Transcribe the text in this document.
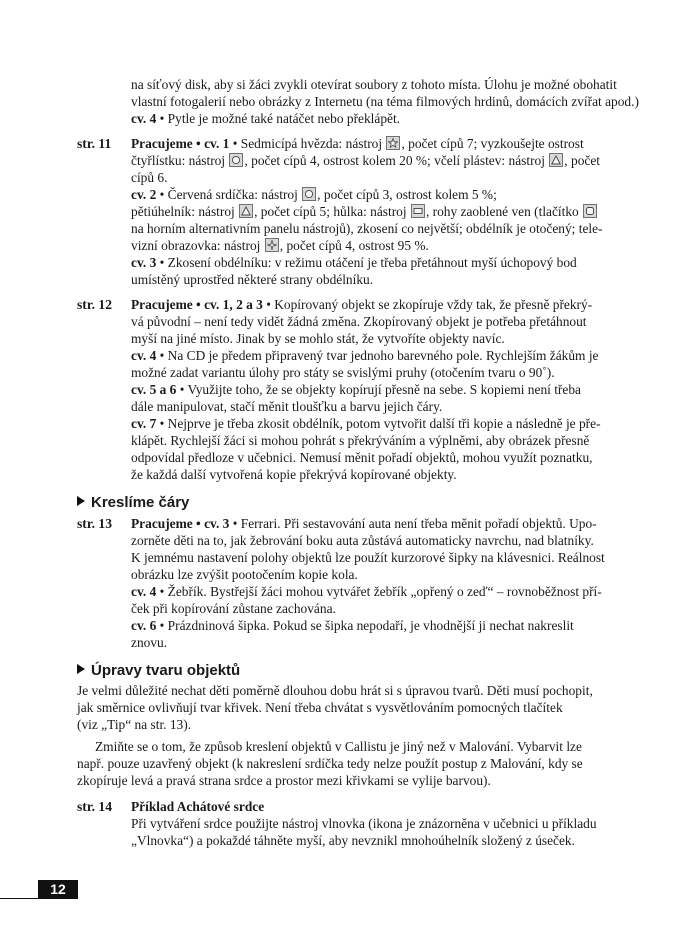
na síťový disk, aby si žáci zvykli otevírat soubory z tohoto místa. Úlohu je možné obohatit
vlastní fotogalerií nebo obrázky z Internetu (na téma filmových hrdinů, domácích zvířat apod.)
cv. 4 • Pytle je možné také natáčet nebo překlápět.
str. 11 Pracujeme • cv. 1 • Sedmicípá hvězda: nástroj
, počet cípů 7; vyzkoušejte ostrost
čtyřlístku: nástroj
, počet cípů 4, ostrost kolem 20 %; včelí plástev: nástroj
, počet
cípů 6.
cv. 2 • Červená srdíčka: nástroj
, počet cípů 3, ostrost kolem 5 %;
pětiúhelník: nástroj
, počet cípů 5; hůlka: nástroj
, rohy zaoblené ven (tlačítko
na horním alternativním panelu nástrojů), zkosení co největší; obdélník je otočený; tele-
vizní obrazovka: nástroj
, počet cípů 4, ostrost 95 %.
cv. 3 • Zkosení obdélníku: v režimu otáčení je třeba přetáhnout myší úchopový bod
umístěný uprostřed některé strany obdélníku.
str. 12 Pracujeme • cv. 1, 2 a 3 • Kopírovaný objekt se zkopíruje vždy tak, že přesně překrý-
vá původní – není tedy vidět žádná změna. Zkopírovaný objekt je potřeba přetáhnout
myší na jiné místo. Jinak by se mohlo stát, že vytvoříte objekty navíc.
cv. 4 • Na CD je předem připravený tvar jednoho barevného pole. Rychlejším žákům je
možné zadat variantu úlohy pro státy se svislými pruhy (otočením tvaru o 90˚).
cv. 5 a 6 • Využijte toho, že se objekty kopírují přesně na sebe. S kopiemi není třeba
dále manipulovat, stačí měnit tloušťku a barvu jejich čáry.
cv. 7 • Nejprve je třeba zkosit obdélník, potom vytvořit další tři kopie a následně je pře-
klápět. Rychlejší žáci si mohou pohrát s překrýváním a výplněmi, aby obrázek přesně
odpovídal předloze v učebnici. Nemusí měnit pořadí objektů, mohou využít poznatku,
že každá další vytvořená kopie překrývá kopírované objekty.
Kreslíme čáry
str. 13 Pracujeme • cv. 3 • Ferrari. Při sestavování auta není třeba měnit pořadí objektů. Upo-
zorněte děti na to, jak žebrování boku auta zůstává automaticky navrchu, nad blatníky.
K jemnému nastavení polohy objektů lze použít kurzorové šipky na klávesnici. Reálnost
obrázku lze zvýšit pootočením kopie kola.
cv. 4 • Žebřík. Bystřejší žáci mohou vytvářet žebřík „opřený o zeď“ – rovnoběžnost pří-
ček při kopírování zůstane zachována.
cv. 6 • Prázdninová šipka. Pokud se šipka nepodaří, je vhodnější ji nechat nakreslit
znovu.
Úpravy tvaru objektů
Je velmi důležité nechat děti poměrně dlouhou dobu hrát si s úpravou tvarů. Děti musí pochopit,
jak směrnice ovlivňují tvar křivek. Není třeba chvátat s vysvětlováním pomocných tlačítek
(viz „Tip“ na str. 13).
Zmiňte se o tom, že způsob kreslení objektů v Callistu je jiný než v Malování. Vybarvit lze
např. pouze uzavřený objekt (k nakreslení srdíčka tedy nelze použít postup z Malování, kdy se
zkopíruje levá a pravá strana srdce a prostor mezi křivkami se vylije barvou).
str. 14 Příklad Achátové srdce
Při vytváření srdce použijte nástroj vlnovka (ikona je znázorněna v učebnici u příkladu
„Vlnovka“) a pokaždé táhněte myší, aby nevznikl mnohoúhelník složený z úseček.
12
